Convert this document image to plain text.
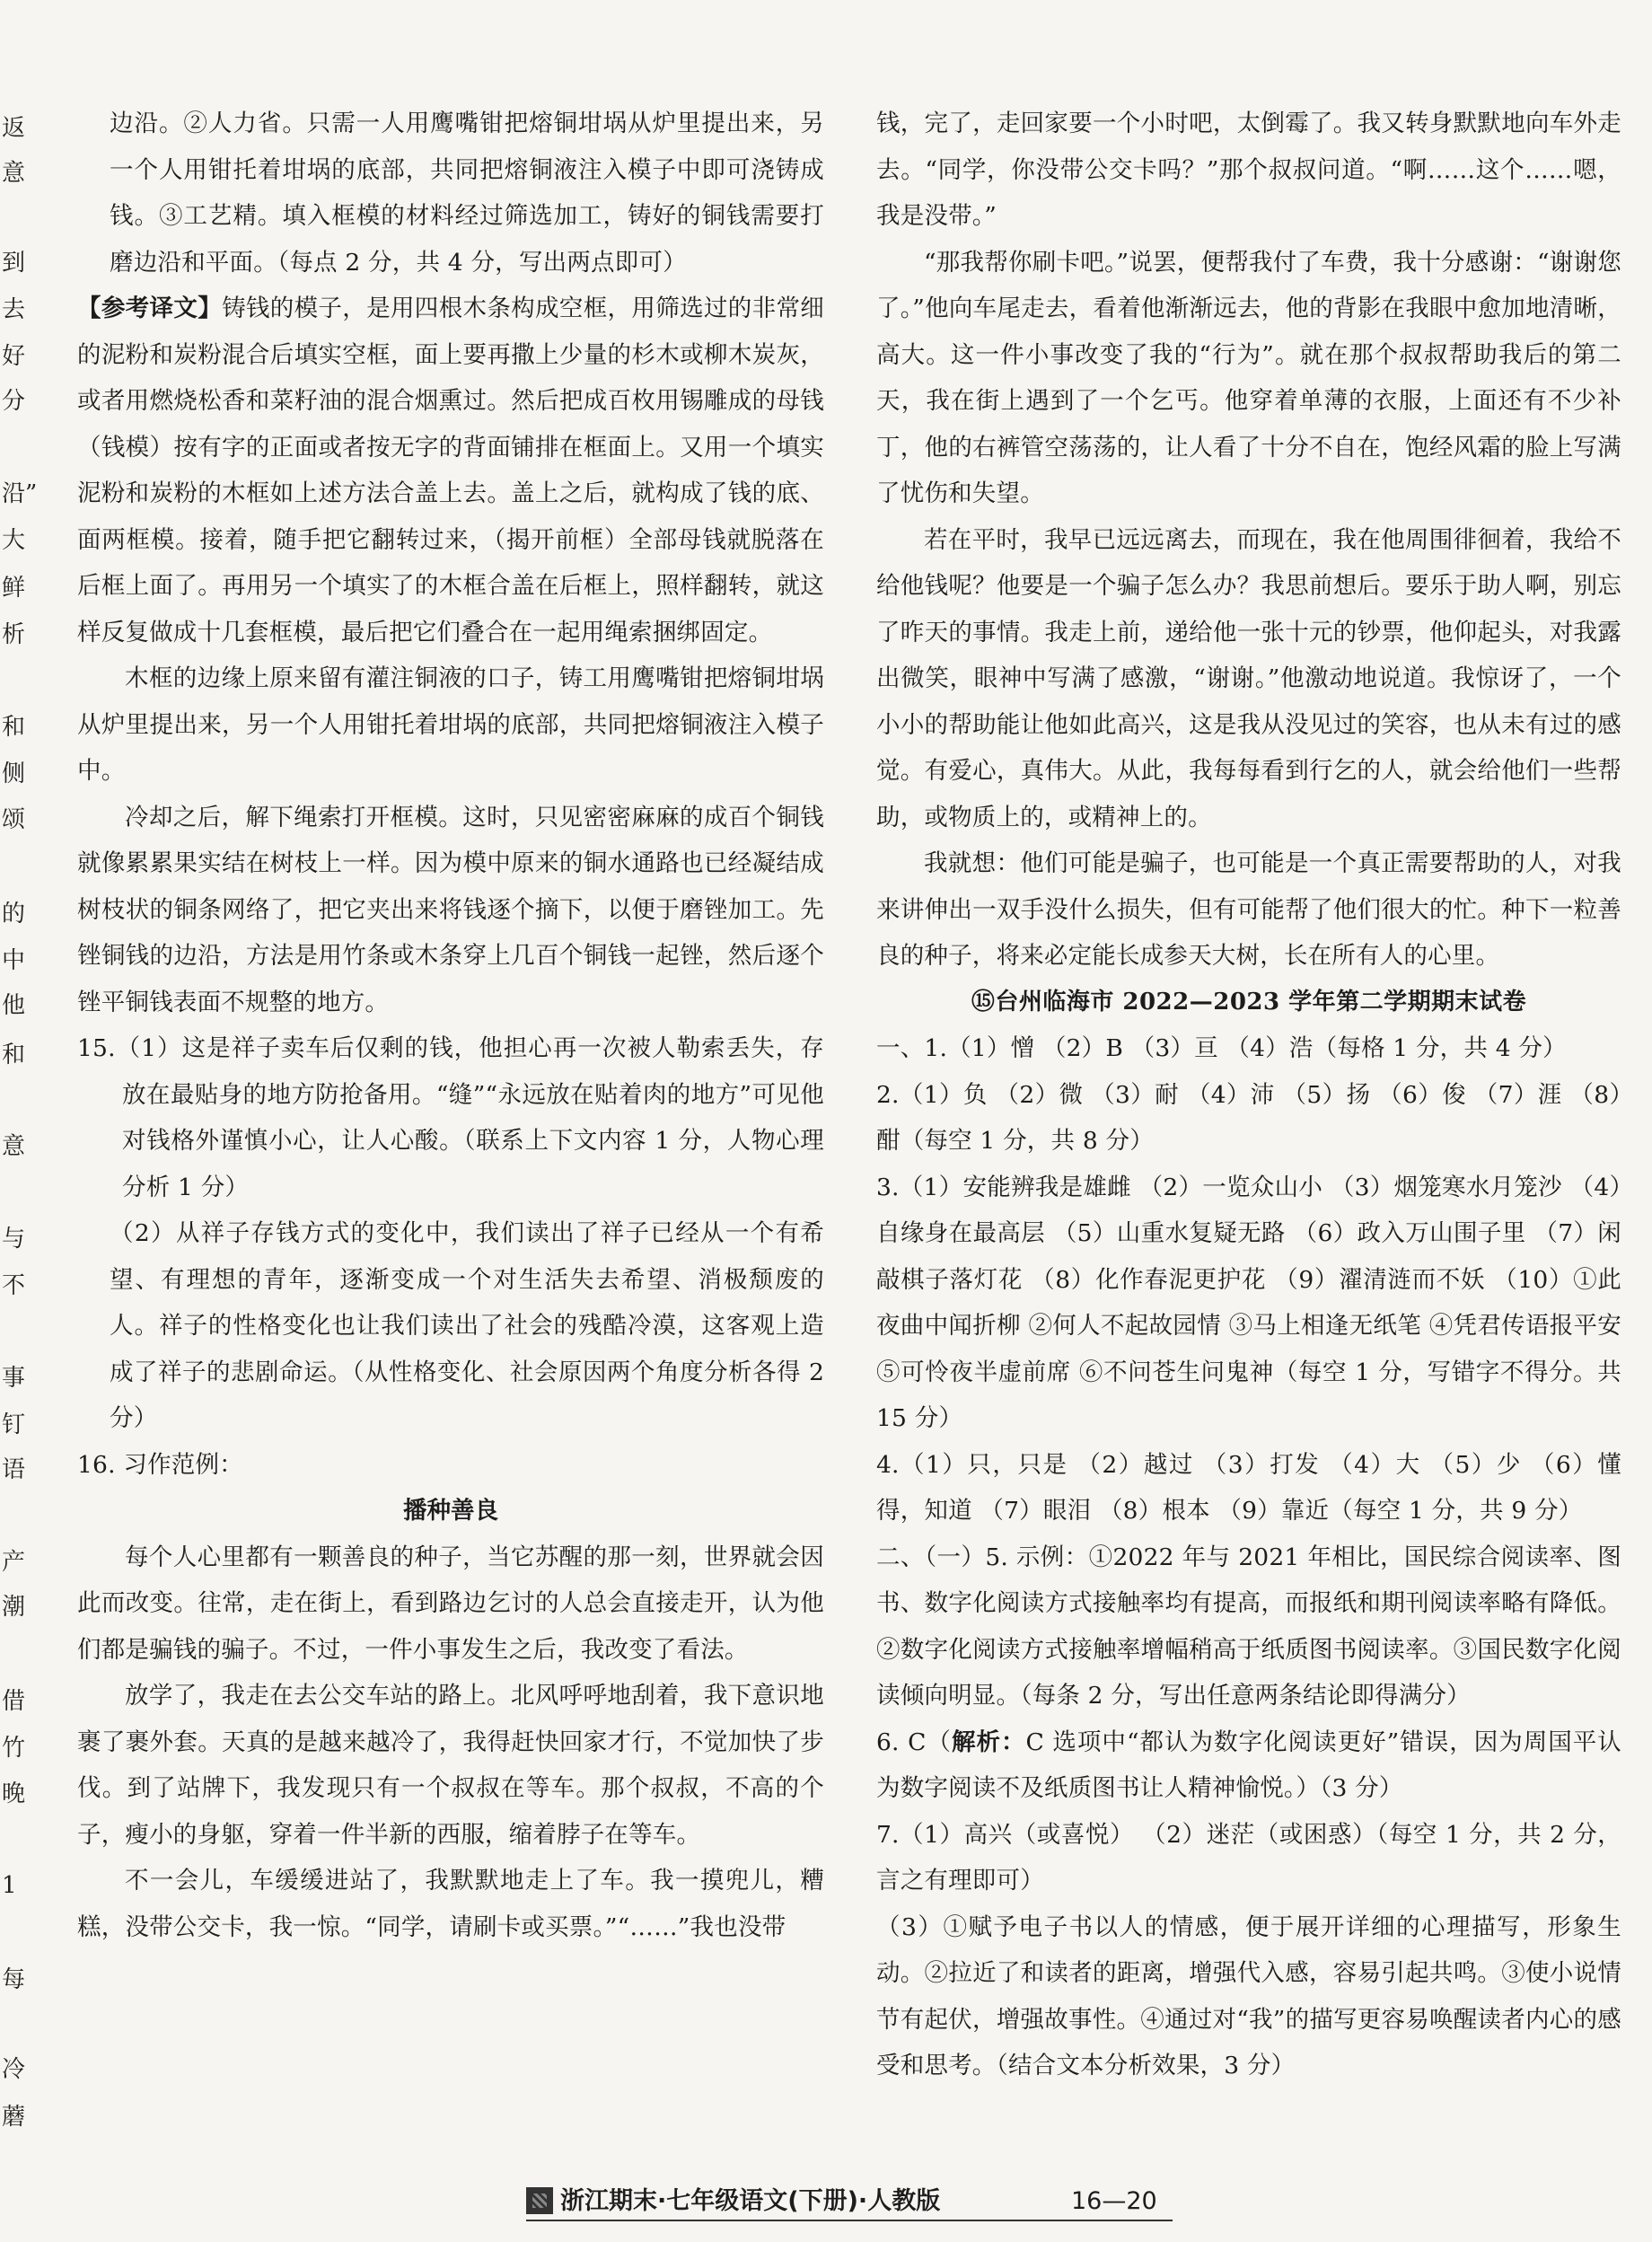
返
意
到
去
好
分
沿”
大
鲜
析
和
侧
颂
的
中
他
和
意
与
不
事
钉
语
产
潮
借
竹
晚
1
每
冷
蘑

边沿。②人力省。只需一人用鹰嘴钳把熔铜坩埚从炉里提出来，另一个人用钳托着坩埚的底部，共同把熔铜液注入模子中即可浇铸成钱。③工艺精。填入框模的材料经过筛选加工，铸好的铜钱需要打磨边沿和平面。（每点 2 分，共 4 分，写出两点即可）

【参考译文】铸钱的模子，是用四根木条构成空框，用筛选过的非常细的泥粉和炭粉混合后填实空框，面上要再撒上少量的杉木或柳木炭灰，或者用燃烧松香和菜籽油的混合烟熏过。然后把成百枚用锡雕成的母钱（钱模）按有字的正面或者按无字的背面铺排在框面上。又用一个填实泥粉和炭粉的木框如上述方法合盖上去。盖上之后，就构成了钱的底、面两框模。接着，随手把它翻转过来，（揭开前框）全部母钱就脱落在后框上面了。再用另一个填实了的木框合盖在后框上，照样翻转，就这样反复做成十几套框模，最后把它们叠合在一起用绳索捆绑固定。

木框的边缘上原来留有灌注铜液的口子，铸工用鹰嘴钳把熔铜坩埚从炉里提出来，另一个人用钳托着坩埚的底部，共同把熔铜液注入模子中。

冷却之后，解下绳索打开框模。这时，只见密密麻麻的成百个铜钱就像累累果实结在树枝上一样。因为模中原来的铜水通路也已经凝结成树枝状的铜条网络了，把它夹出来将钱逐个摘下，以便于磨锉加工。先锉铜钱的边沿，方法是用竹条或木条穿上几百个铜钱一起锉，然后逐个锉平铜钱表面不规整的地方。

15.（1）这是祥子卖车后仅剩的钱，他担心再一次被人勒索丢失，存放在最贴身的地方防抢备用。“缝”“永远放在贴着肉的地方”可见他对钱格外谨慎小心，让人心酸。（联系上下文内容 1 分，人物心理分析 1 分）

（2）从祥子存钱方式的变化中，我们读出了祥子已经从一个有希望、有理想的青年，逐渐变成一个对生活失去希望、消极颓废的人。祥子的性格变化也让我们读出了社会的残酷冷漠，这客观上造成了祥子的悲剧命运。（从性格变化、社会原因两个角度分析各得 2 分）

16. 习作范例：

播种善良

每个人心里都有一颗善良的种子，当它苏醒的那一刻，世界就会因此而改变。往常，走在街上，看到路边乞讨的人总会直接走开，认为他们都是骗钱的骗子。不过，一件小事发生之后，我改变了看法。

放学了，我走在去公交车站的路上。北风呼呼地刮着，我下意识地裹了裹外套。天真的是越来越冷了，我得赶快回家才行，不觉加快了步伐。到了站牌下，我发现只有一个叔叔在等车。那个叔叔，不高的个子，瘦小的身躯，穿着一件半新的西服，缩着脖子在等车。

不一会儿，车缓缓进站了，我默默地走上了车。我一摸兜儿，糟糕，没带公交卡，我一惊。“同学，请刷卡或买票。”“……”我也没带

钱，完了，走回家要一个小时吧，太倒霉了。我又转身默默地向车外走去。“同学，你没带公交卡吗？”那个叔叔问道。“啊……这个……嗯，我是没带。”

“那我帮你刷卡吧。”说罢，便帮我付了车费，我十分感谢：“谢谢您了。”他向车尾走去，看着他渐渐远去，他的背影在我眼中愈加地清晰，高大。这一件小事改变了我的“行为”。就在那个叔叔帮助我后的第二天，我在街上遇到了一个乞丐。他穿着单薄的衣服，上面还有不少补丁，他的右裤管空荡荡的，让人看了十分不自在，饱经风霜的脸上写满了忧伤和失望。

若在平时，我早已远远离去，而现在，我在他周围徘徊着，我给不给他钱呢？他要是一个骗子怎么办？我思前想后。要乐于助人啊，别忘了昨天的事情。我走上前，递给他一张十元的钞票，他仰起头，对我露出微笑，眼神中写满了感激，“谢谢。”他激动地说道。我惊讶了，一个小小的帮助能让他如此高兴，这是我从没见过的笑容，也从未有过的感觉。有爱心，真伟大。从此，我每每看到行乞的人，就会给他们一些帮助，或物质上的，或精神上的。

我就想：他们可能是骗子，也可能是一个真正需要帮助的人，对我来讲伸出一双手没什么损失，但有可能帮了他们很大的忙。种下一粒善良的种子，将来必定能长成参天大树，长在所有人的心里。

⑮台州临海市 2022—2023 学年第二学期期末试卷

一、1.（1）憎 （2）B （3）亘 （4）浩（每格 1 分，共 4 分）

2.（1）负 （2）微 （3）耐 （4）沛 （5）扬 （6）俊 （7）涯 （8）酣（每空 1 分，共 8 分）

3.（1）安能辨我是雄雌 （2）一览众山小 （3）烟笼寒水月笼沙 （4）自缘身在最高层 （5）山重水复疑无路 （6）政入万山围子里 （7）闲敲棋子落灯花 （8）化作春泥更护花 （9）濯清涟而不妖 （10）①此夜曲中闻折柳 ②何人不起故园情 ③马上相逢无纸笔 ④凭君传语报平安 ⑤可怜夜半虚前席 ⑥不问苍生问鬼神（每空 1 分，写错字不得分。共 15 分）

4.（1）只，只是 （2）越过 （3）打发 （4）大 （5）少 （6）懂得，知道 （7）眼泪 （8）根本 （9）靠近（每空 1 分，共 9 分）

二、（一）5. 示例：①2022 年与 2021 年相比，国民综合阅读率、图书、数字化阅读方式接触率均有提高，而报纸和期刊阅读率略有降低。②数字化阅读方式接触率增幅稍高于纸质图书阅读率。③国民数字化阅读倾向明显。（每条 2 分，写出任意两条结论即得满分）

6. C（解析：C 选项中“都认为数字化阅读更好”错误，因为周国平认为数字阅读不及纸质图书让人精神愉悦。）（3 分）

7.（1）高兴（或喜悦） （2）迷茫（或困惑）（每空 1 分，共 2 分，言之有理即可）

（3）①赋予电子书以人的情感，便于展开详细的心理描写，形象生动。②拉近了和读者的距离，增强代入感，容易引起共鸣。③使小说情节有起伏，增强故事性。④通过对“我”的描写更容易唤醒读者内心的感受和思考。（结合文本分析效果，3 分）

浙江期末·七年级语文(下册)·人教版	16—20
